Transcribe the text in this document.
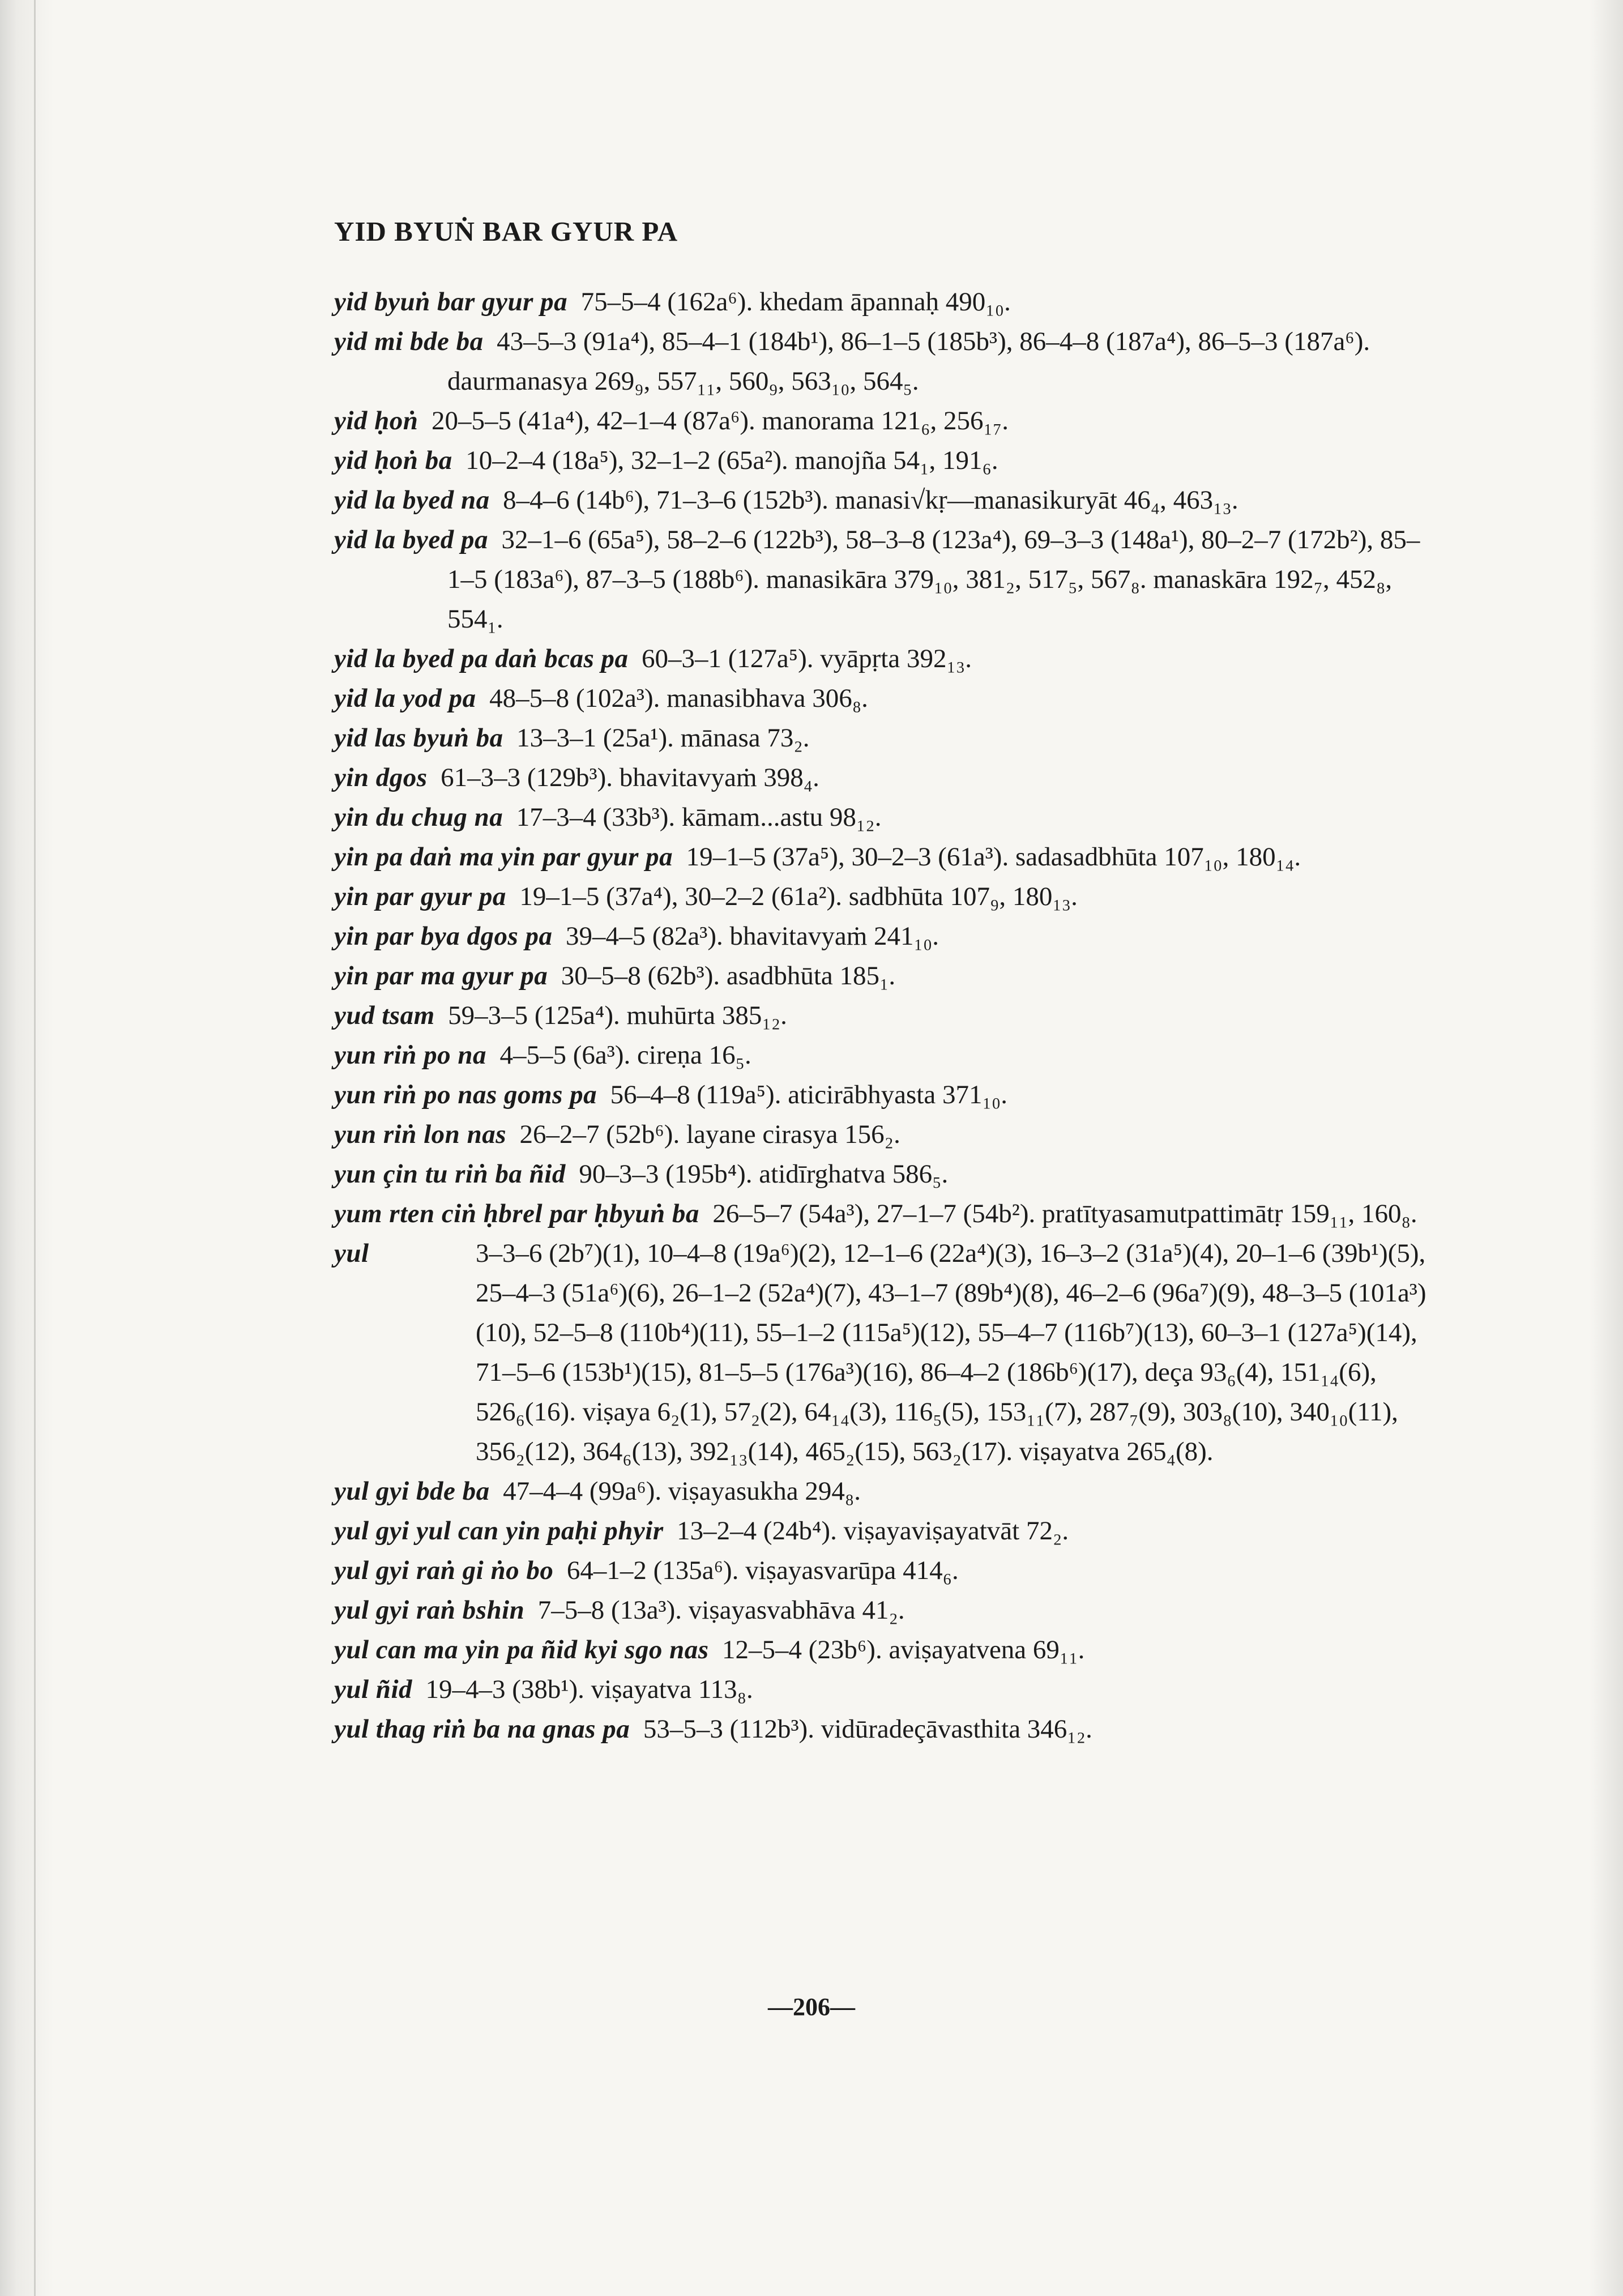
YID BYUṄ BAR GYUR PA
yid byuṅ bar gyur pa 75–5–4 (162a⁶). khedam āpannaḥ 490₁₀.
yid mi bde ba 43–5–3 (91a⁴), 85–4–1 (184b¹), 86–1–5 (185b³), 86–4–8 (187a⁴), 86–5–3 (187a⁶). daurmanasya 269₉, 557₁₁, 560₉, 563₁₀, 564₅.
yid ḥoṅ 20–5–5 (41a⁴), 42–1–4 (87a⁶). manorama 121₆, 256₁₇.
yid ḥoṅ ba 10–2–4 (18a⁵), 32–1–2 (65a²). manojña 54₁, 191₆.
yid la byed na 8–4–6 (14b⁶), 71–3–6 (152b³). manasi√kṛ—manasikuryāt 46₄, 463₁₃.
yid la byed pa 32–1–6 (65a⁵), 58–2–6 (122b³), 58–3–8 (123a⁴), 69–3–3 (148a¹), 80–2–7 (172b²), 85–1–5 (183a⁶), 87–3–5 (188b⁶). manasikāra 379₁₀, 381₂, 517₅, 567₈. manaskāra 192₇, 452₈, 554₁.
yid la byed pa daṅ bcas pa 60–3–1 (127a⁵). vyāpṛta 392₁₃.
yid la yod pa 48–5–8 (102a³). manasibhava 306₈.
yid las byuṅ ba 13–3–1 (25a¹). mānasa 73₂.
yin dgos 61–3–3 (129b³). bhavitavyaṁ 398₄.
yin du chug na 17–3–4 (33b³). kāmam...astu 98₁₂.
yin pa daṅ ma yin par gyur pa 19–1–5 (37a⁵), 30–2–3 (61a³). sadasadbhūta 107₁₀, 180₁₄.
yin par gyur pa 19–1–5 (37a⁴), 30–2–2 (61a²). sadbhūta 107₉, 180₁₃.
yin par bya dgos pa 39–4–5 (82a³). bhavitavyaṁ 241₁₀.
yin par ma gyur pa 30–5–8 (62b³). asadbhūta 185₁.
yud tsam 59–3–5 (125a⁴). muhūrta 385₁₂.
yun riṅ po na 4–5–5 (6a³). cireṇa 16₅.
yun riṅ po nas goms pa 56–4–8 (119a⁵). aticirābhyasta 371₁₀.
yun riṅ lon nas 26–2–7 (52b⁶). layane cirasya 156₂.
yun çin tu riṅ ba ñid 90–3–3 (195b⁴). atidīrghatva 586₅.
yum rten ciṅ ḥbrel par ḥbyuṅ ba 26–5–7 (54a³), 27–1–7 (54b²). pratītyasamutpattimātṛ 159₁₁, 160₈.
yul	3–3–6 (2b⁷)(1), 10–4–8 (19a⁶)(2), 12–1–6 (22a⁴)(3), 16–3–2 (31a⁵)(4), 20–1–6 (39b¹)(5), 25–4–3 (51a⁶)(6), 26–1–2 (52a⁴)(7), 43–1–7 (89b⁴)(8), 46–2–6 (96a⁷)(9), 48–3–5 (101a³)(10), 52–5–8 (110b⁴)(11), 55–1–2 (115a⁵)(12), 55–4–7 (116b⁷)(13), 60–3–1 (127a⁵)(14), 71–5–6 (153b¹)(15), 81–5–5 (176a³)(16), 86–4–2 (186b⁶)(17), deça 93₆(4), 151₁₄(6), 526₆(16). viṣaya 6₂(1), 57₂(2), 64₁₄(3), 116₅(5), 153₁₁(7), 287₇(9), 303₈(10), 340₁₀(11), 356₂(12), 364₆(13), 392₁₃(14), 465₂(15), 563₂(17). viṣayatva 265₄(8).
yul gyi bde ba 47–4–4 (99a⁶). viṣayasukha 294₈.
yul gyi yul can yin paḥi phyir 13–2–4 (24b⁴). viṣayaviṣayatvāt 72₂.
yul gyi raṅ gi ṅo bo 64–1–2 (135a⁶). viṣayasvarūpa 414₆.
yul gyi raṅ bshin 7–5–8 (13a³). viṣayasvabhāva 41₂.
yul can ma yin pa ñid kyi sgo nas 12–5–4 (23b⁶). aviṣayatvena 69₁₁.
yul ñid 19–4–3 (38b¹). viṣayatva 113₈.
yul thag riṅ ba na gnas pa 53–5–3 (112b³). vidūradeçāvasthita 346₁₂.
—206—
